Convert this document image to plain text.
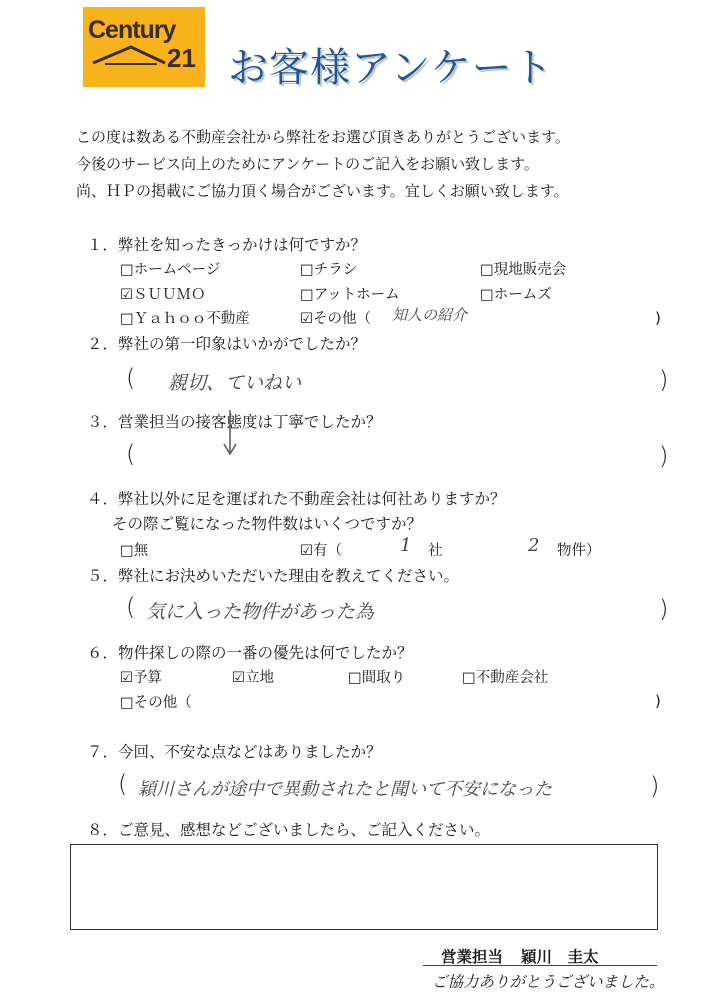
Century
21 お客様アンケート
この度は数ある不動産会社から弊社をお選び頂きありがとうございます。
今後のサービス向上のためにアンケートのご記入をお願い致します。
尚、ＨＰの掲載にご協力頂く場合がございます。宜しくお願い致します。
１．弊社を知ったきっかけは何ですか？
□ホームページ	□チラシ	□現地販売会
☑ＳＵＵＭＯ	□アットホーム	□ホームズ
□Ｙａｈｏｏ不動産	☑その他（ 知人の紹介	)
２．弊社の第一印象はいかがでしたか？
( 親切、ていねい	)
３．営業担当の接客態度は丁寧でしたか？
(	)
４．弊社以外に足を運ばれた不動産会社は何社ありますか？
その際ご覧になった物件数はいくつですか？
□無	☑有（	1 社	2 物件）
５．弊社にお決めいただいた理由を教えてください。
( 気に入った物件があった為	)
６．物件探しの際の一番の優先は何でしたか？
☑予算	☑立地	□間取り	□不動産会社
□その他（	)
７．今回、不安な点などはありましたか？
( 穎川さんが途中で異動されたと聞いて不安になった	)
８．ご意見、感想などございましたら、ご記入ください。
営業担当 穎川　圭太
ご協力ありがとうございました。
